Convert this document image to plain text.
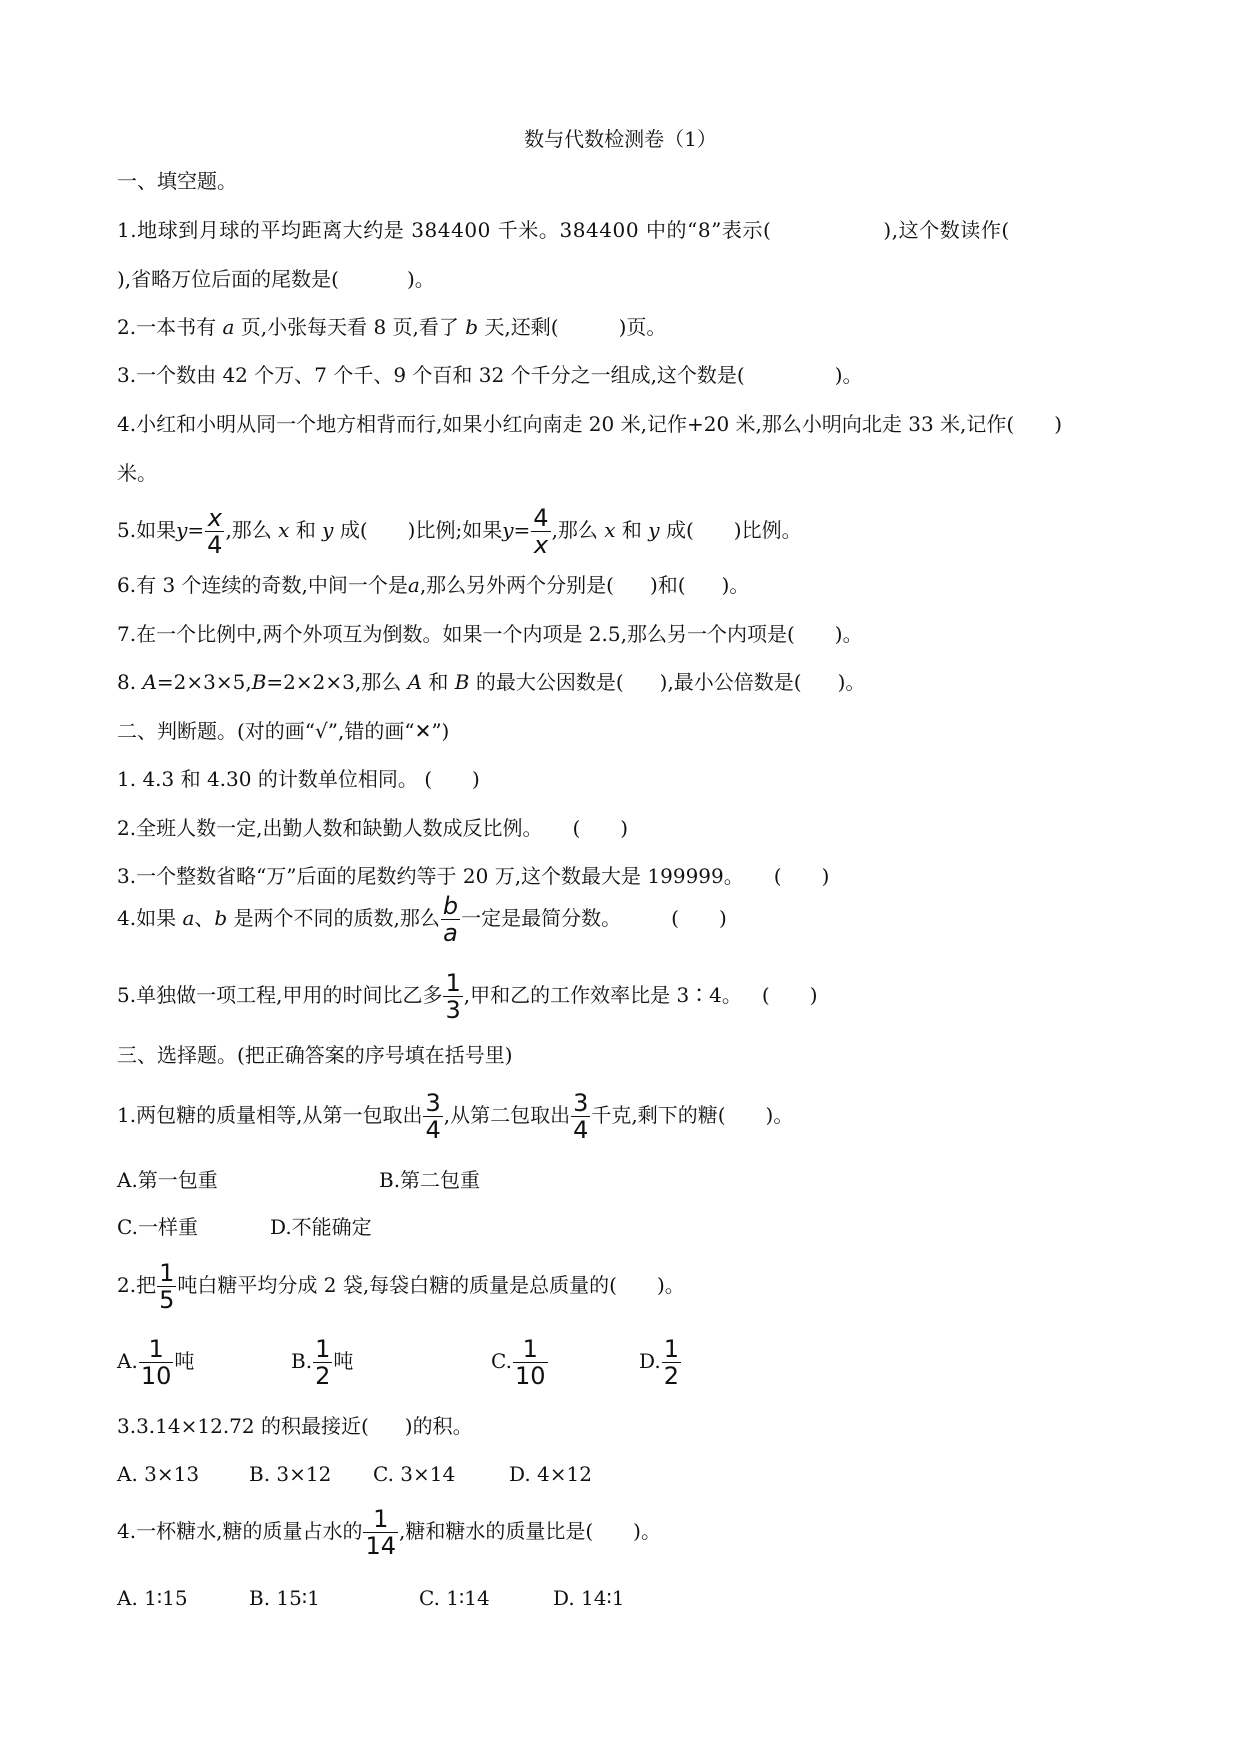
数与代数检测卷（1）
一、填空题。
1.地球到月球的平均距离大约是 384400 千米。384400 中的“8”表示(	),这个数读作(
),省略万位后面的尾数是(	)。
2.一本书有 a 页,小张每天看 8 页,看了 b 天,还剩(	)页。
3.一个数由 42 个万、7 个千、9 个百和 32 个千分之一组成,这个数是(	)。
4.小红和小明从同一个地方相背而行,如果小红向南走 20 米,记作+20 米,那么小明向北走 33 米,记作( )
米。
5.如果$y= \frac{x}{4}$ ,那么 x 和 y 成( )比例;如果$y= \frac{4}{x}$ ,那么 x 和 y 成( )比例。
6.有 3 个连续的奇数,中间一个是a,那么另外两个分别是( )和( )。
7.在一个比例中,两个外项互为倒数。如果一个内项是 2.5,那么另一个内项是( )。
8. A=2×3×5,B=2×2×3,那么 A 和 B 的最大公因数是( ),最小公倍数是( )。
二、判断题。(对的画“√”,错的画“✕”)
1. 4.3 和 4.30 的计数单位相同。 ( )
2.全班人数一定,出勤人数和缺勤人数成反比例。 ( )
3.一个整数省略“万”后面的尾数约等于 20 万,这个数最大是 199999。 ( )
4.如果 a、b 是两个不同的质数,那么 $\frac{b}{a}$ 一定是最简分数。	( )
5.单独做一项工程,甲用的时间比乙多 $\frac{1}{3}$ ,甲和乙的工作效率比是 3∶4。 ( )
三、选择题。(把正确答案的序号填在括号里)
1.两包糖的质量相等,从第一包取出 $\frac{3}{4}$ ,从第二包取出 $\frac{3}{4}$ 千克,剩下的糖( )。
A.第一包重	B.第二包重
C.一样重	D.不能确定
2.把 $\frac{1}{5}$ 吨白糖平均分成 2 袋,每袋白糖的质量是总质量的( )。
A. $\frac{1}{10}$ 吨	B. $\frac{1}{2}$ 吨	C. $\frac{1}{10}$	D. $\frac{1}{2}$
3.3.14×12.72 的积最接近( )的积。
A. 3×13 B. 3×12 C. 3×14	D. 4×12
4.一杯糖水,糖的质量占水的 $\frac{1}{14}$ ,糖和糖水的质量比是( )。
A. 1∶15	B. 15∶1	C. 1∶14	D. 14∶1
